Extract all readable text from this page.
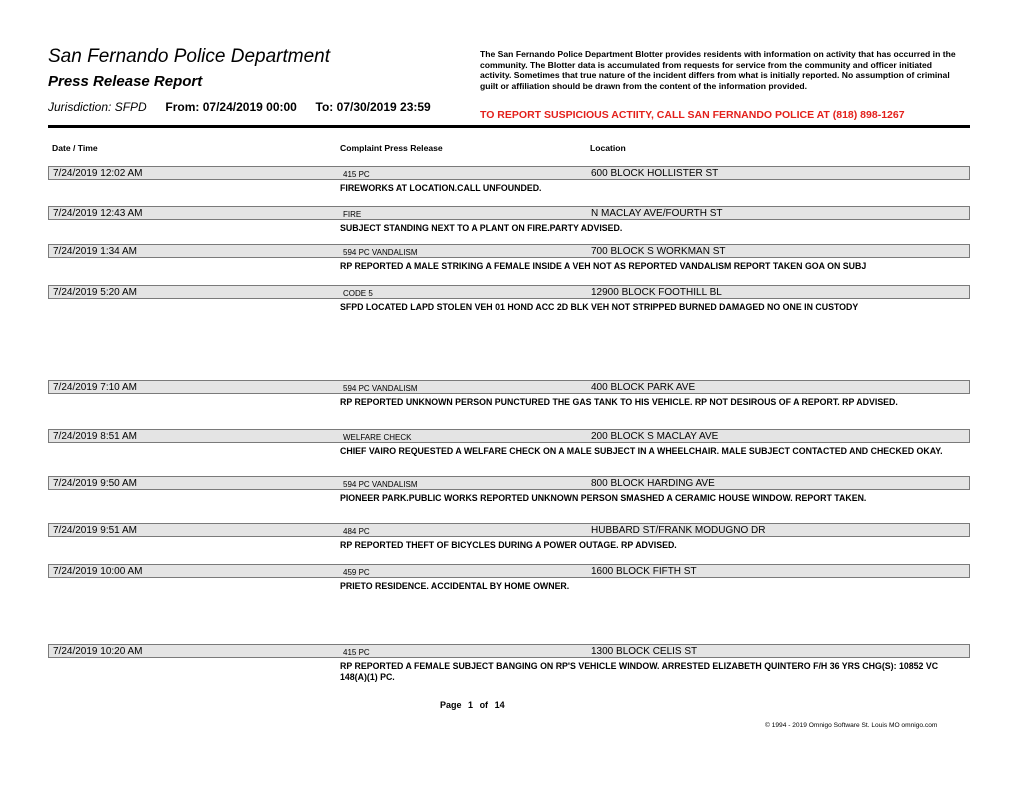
San Fernando Police Department
Press Release Report
Jurisdiction: SFPD From: 07/24/2019 00:00 To: 07/30/2019 23:59
The San Fernando Police Department Blotter provides residents with information on activity that has occurred in the community. The Blotter data is accumulated from requests for service from the community and officer initiated activity. Sometimes that true nature of the incident differs from what is initially reported. No assumption of criminal guilt or affiliation should be drawn from the content of the information provided.
TO REPORT SUSPICIOUS ACTIITY, CALL SAN FERNANDO POLICE AT (818) 898-1267
Date / Time	Complaint Press Release	Location
7/24/2019 12:02 AM	415 PC	600 BLOCK HOLLISTER ST
FIREWORKS AT LOCATION.CALL UNFOUNDED.
7/24/2019 12:43 AM	FIRE	N MACLAY AVE/FOURTH ST
SUBJECT STANDING NEXT TO A PLANT ON FIRE.PARTY ADVISED.
7/24/2019 1:34 AM	594 PC VANDALISM	700 BLOCK S WORKMAN ST
RP REPORTED A MALE STRIKING A FEMALE INSIDE A VEH NOT AS REPORTED VANDALISM REPORT TAKEN GOA ON SUBJ
7/24/2019 5:20 AM	CODE 5	12900 BLOCK FOOTHILL BL
SFPD LOCATED LAPD STOLEN VEH 01 HOND ACC 2D BLK VEH NOT STRIPPED BURNED DAMAGED NO ONE IN CUSTODY
7/24/2019 7:10 AM	594 PC VANDALISM	400 BLOCK PARK AVE
RP REPORTED UNKNOWN PERSON PUNCTURED THE GAS TANK TO HIS VEHICLE. RP NOT DESIROUS OF A REPORT. RP ADVISED.
7/24/2019 8:51 AM	WELFARE CHECK	200 BLOCK S MACLAY AVE
CHIEF VAIRO REQUESTED A WELFARE CHECK ON A MALE SUBJECT IN A WHEELCHAIR. MALE SUBJECT CONTACTED AND CHECKED OKAY.
7/24/2019 9:50 AM	594 PC VANDALISM	800 BLOCK HARDING AVE
PIONEER PARK.PUBLIC WORKS REPORTED UNKNOWN PERSON SMASHED A CERAMIC HOUSE WINDOW. REPORT TAKEN.
7/24/2019 9:51 AM	484 PC	HUBBARD ST/FRANK MODUGNO DR
RP REPORTED THEFT OF BICYCLES DURING A POWER OUTAGE. RP ADVISED.
7/24/2019 10:00 AM	459 PC	1600 BLOCK FIFTH ST
PRIETO RESIDENCE. ACCIDENTAL BY HOME OWNER.
7/24/2019 10:20 AM	415 PC	1300 BLOCK CELIS ST
RP REPORTED A FEMALE SUBJECT BANGING ON RP'S VEHICLE WINDOW. ARRESTED ELIZABETH QUINTERO F/H 36 YRS CHG(S): 10852 VC 148(A)(1) PC.
Page 1 of 14
© 1994 - 2019 Omnigo Software St. Louis MO omnigo.com
